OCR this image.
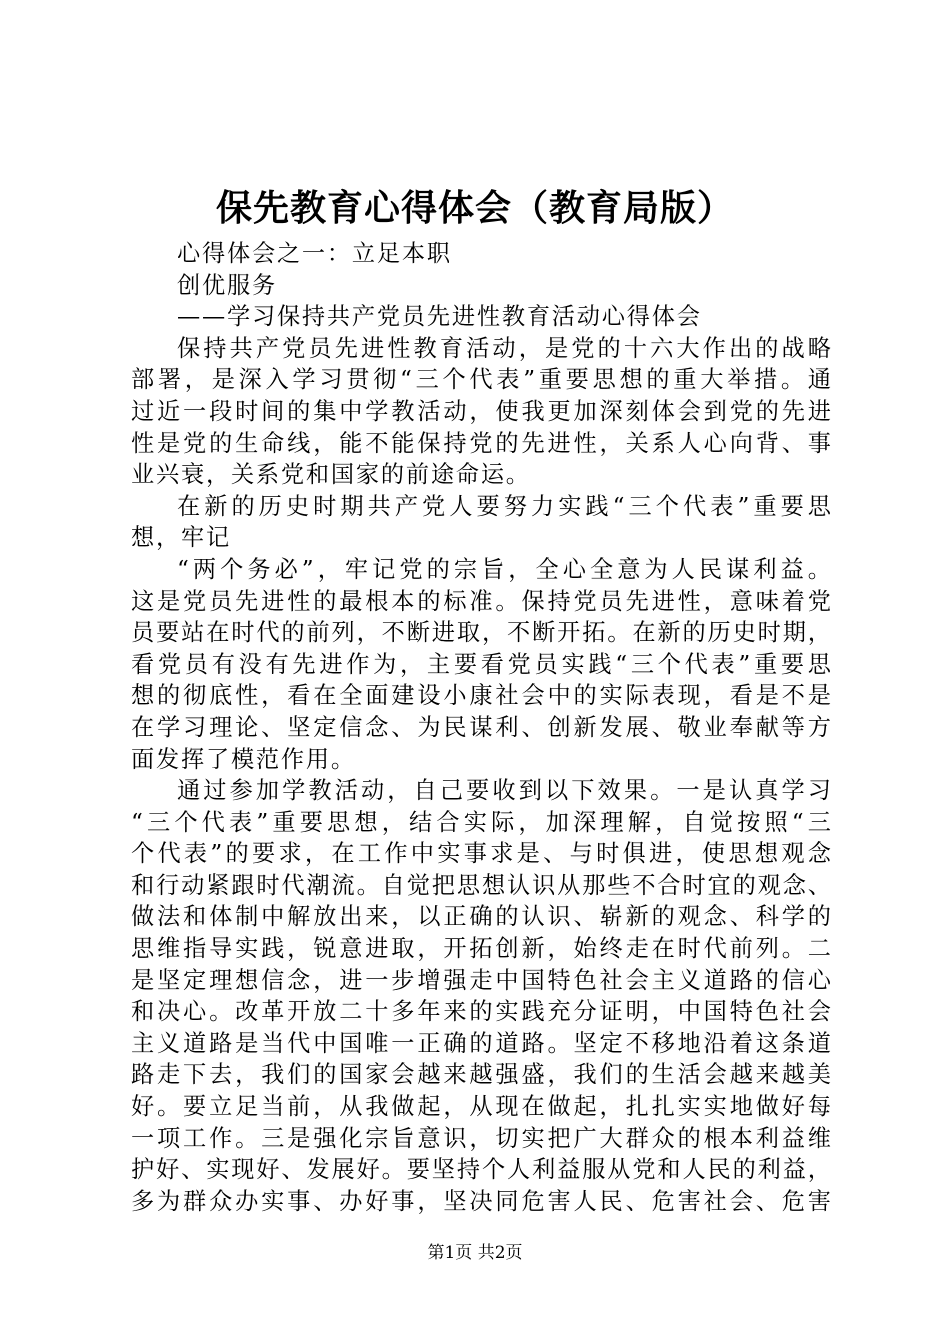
保先教育心得体会（教育局版）
心得体会之一：立足本职
创优服务
——学习保持共产党员先进性教育活动心得体会
保持共产党员先进性教育活动，是党的十六大作出的战略
部署，是深入学习贯彻“三个代表”重要思想的重大举措。通
过近一段时间的集中学教活动，使我更加深刻体会到党的先进
性是党的生命线，能不能保持党的先进性，关系人心向背、事
业兴衰，关系党和国家的前途命运。
在新的历史时期共产党人要努力实践“三个代表”重要思
想，牢记
“两个务必”，牢记党的宗旨，全心全意为人民谋利益。
这是党员先进性的最根本的标准。保持党员先进性，意味着党
员要站在时代的前列，不断进取，不断开拓。在新的历史时期，
看党员有没有先进作为，主要看党员实践“三个代表”重要思
想的彻底性，看在全面建设小康社会中的实际表现，看是不是
在学习理论、坚定信念、为民谋利、创新发展、敬业奉献等方
面发挥了模范作用。
通过参加学教活动，自己要收到以下效果。一是认真学习
“三个代表”重要思想，结合实际，加深理解，自觉按照“三
个代表”的要求，在工作中实事求是、与时俱进，使思想观念
和行动紧跟时代潮流。自觉把思想认识从那些不合时宜的观念、
做法和体制中解放出来，以正确的认识、崭新的观念、科学的
思维指导实践，锐意进取，开拓创新，始终走在时代前列。二
是坚定理想信念，进一步增强走中国特色社会主义道路的信心
和决心。改革开放二十多年来的实践充分证明，中国特色社会
主义道路是当代中国唯一正确的道路。坚定不移地沿着这条道
路走下去，我们的国家会越来越强盛，我们的生活会越来越美
好。要立足当前，从我做起，从现在做起，扎扎实实地做好每
一项工作。三是强化宗旨意识，切实把广大群众的根本利益维
护好、实现好、发展好。要坚持个人利益服从党和人民的利益，
多为群众办实事、办好事，坚决同危害人民、危害社会、危害
第1页 共2页
